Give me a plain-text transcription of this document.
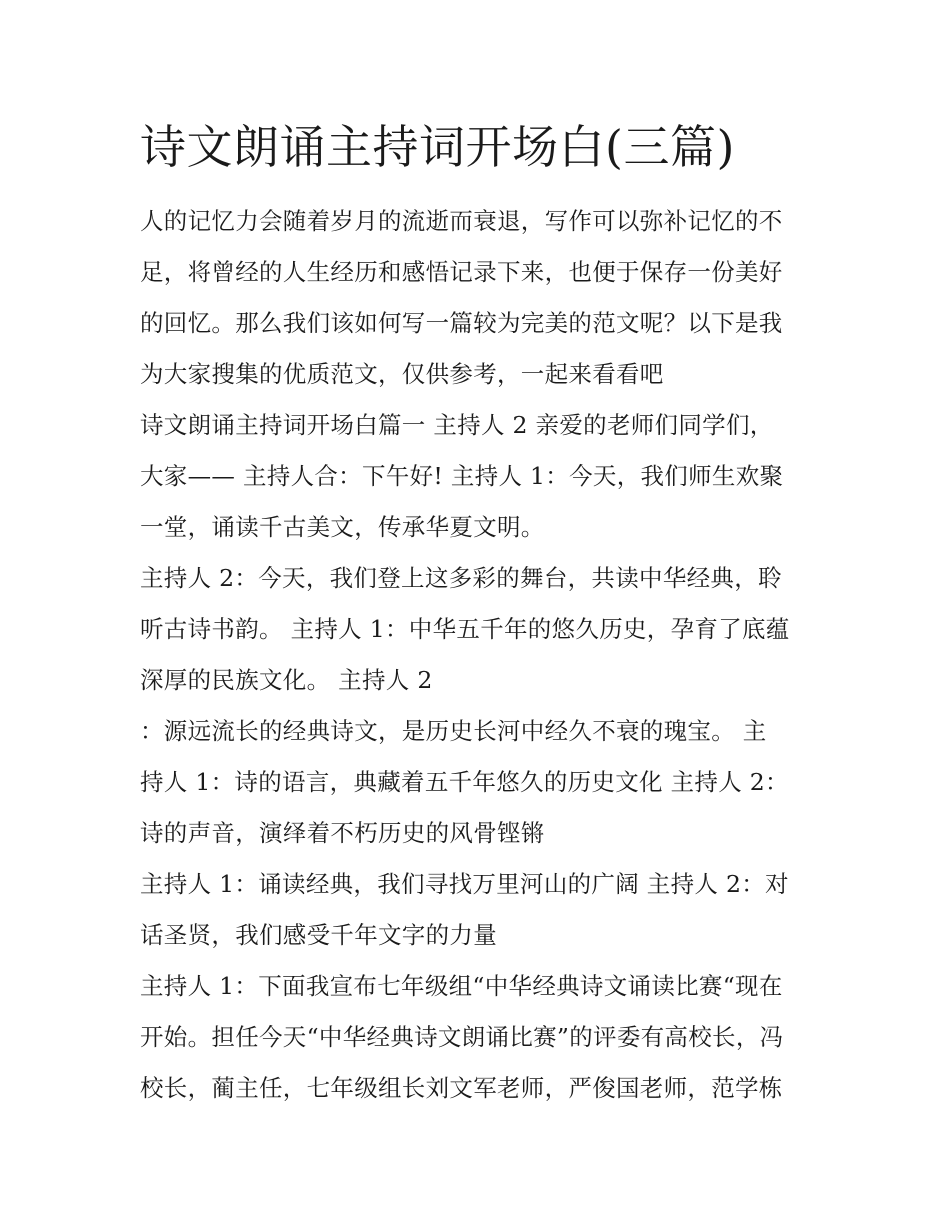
诗文朗诵主持词开场白(三篇)
人的记忆力会随着岁月的流逝而衰退，写作可以弥补记忆的不
足，将曾经的人生经历和感悟记录下来，也便于保存一份美好
的回忆。那么我们该如何写一篇较为完美的范文呢？以下是我
为大家搜集的优质范文，仅供参考，一起来看看吧
诗文朗诵主持词开场白篇一 主持人 2 亲爱的老师们同学们，
大家—— 主持人合：下午好! 主持人 1：今天，我们师生欢聚
一堂，诵读千古美文，传承华夏文明。
主持人 2：今天，我们登上这多彩的舞台，共读中华经典，聆
听古诗书韵。 主持人 1：中华五千年的悠久历史，孕育了底蕴
深厚的民族文化。 主持人 2
：源远流长的经典诗文，是历史长河中经久不衰的瑰宝。 主
持人 1：诗的语言，典藏着五千年悠久的历史文化 主持人 2：
诗的声音，演绎着不朽历史的风骨铿锵
主持人 1：诵读经典，我们寻找万里河山的广阔 主持人 2：对
话圣贤，我们感受千年文字的力量
主持人 1：下面我宣布七年级组“中华经典诗文诵读比赛“现在
开始。担任今天“中华经典诗文朗诵比赛”的评委有高校长，冯
校长，蔺主任，七年级组长刘文军老师，严俊国老师，范学栋
